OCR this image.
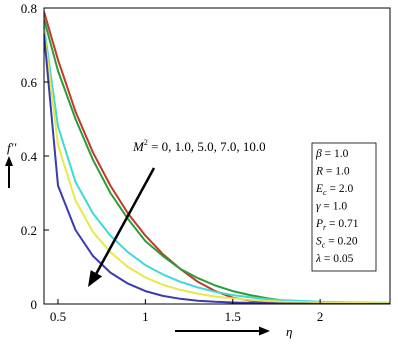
0.5	1	1.5	2
0
0.2
0.4
0.6
0.8
$M^2 = 0$, 1.0, 5.0, 7.0, 10.0	β = 1.0
R = 1.0
$E_c = 2.0$
γ = 1.0
$P_r = 0.71$
$S_c = 0.20$
λ = 0.05
f′′
η
